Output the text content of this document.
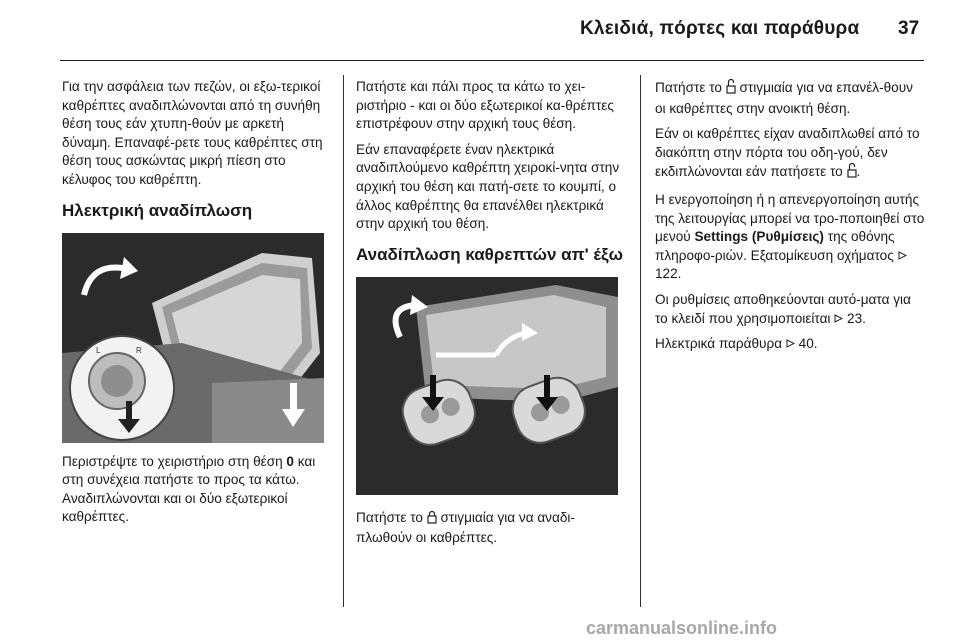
Κλειδιά, πόρτες και παράθυρα 37

Για την ασφάλεια των πεζών, οι εξω-τερικοί καθρέπτες αναδιπλώνονται από τη συνήθη θέση τους εάν χτυπη-θούν με αρκετή δύναμη. Επαναφέ-ρετε τους καθρέπτες στη θέση τους ασκώντας μικρή πίεση στο κέλυφος του καθρέπτη.

Ηλεκτρική αναδίπλωση
L	R

Περιστρέψτε το χειριστήριο στη θέση 0 και στη συνέχεια πατήστε το προς τα κάτω. Αναδιπλώνονται και οι δύο εξωτερικοί καθρέπτες.

Πατήστε και πάλι προς τα κάτω το χει-ριστήριο - και οι δύο εξωτερικοί κα-θρέπτες επιστρέφουν στην αρχική τους θέση.

Εάν επαναφέρετε έναν ηλεκτρικά αναδιπλούμενο καθρέπτη χειροκί-νητα στην αρχική του θέση και πατή-σετε το κουμπί, ο άλλος καθρέπτης θα επανέλθει ηλεκτρικά στην αρχική του θέση.

Αναδίπλωση καθρεπτών απ' έξω

Πατήστε το  στιγμιαία για να αναδι-πλωθούν οι καθρέπτες.

Πατήστε το  στιγμιαία για να επανέλ-θουν οι καθρέπτες στην ανοικτή θέση.

Εάν οι καθρέπτες είχαν αναδιπλωθεί από το διακόπτη στην πόρτα του οδη-γού, δεν εκδιπλώνονται εάν πατήσετε το .

Η ενεργοποίηση ή η απενεργοποίηση αυτής της λειτουργίας μπορεί να τρο-ποποιηθεί στο μενού Settings (Ρυθμίσεις) της οθόνης πληροφο-ριών. Εξατομίκευση οχήματος  122.

Οι ρυθμίσεις αποθηκεύονται αυτό-ματα για το κλειδί που χρησιμοποιείται  23.

Ηλεκτρικά παράθυρα  40.

carmanualsonline.info
